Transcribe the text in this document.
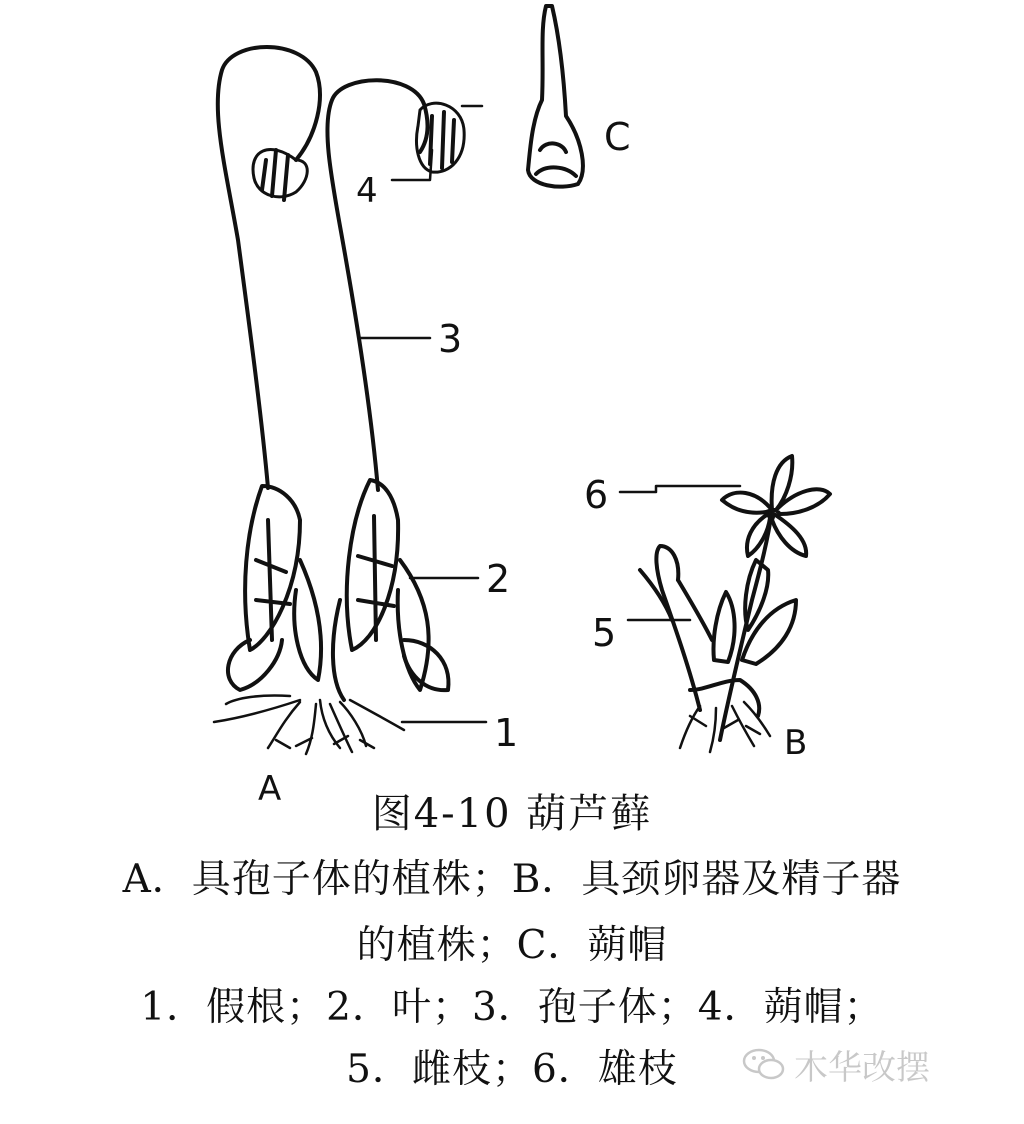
1
2
3
4
5
6
A
B
C
图4-10 葫芦藓
A．具孢子体的植株；B．具颈卵器及精子器
的植株；C．蒴帽
1．假根；2．叶；3．孢子体；4．蒴帽；
5．雌枝；6．雄枝	木华改摆
